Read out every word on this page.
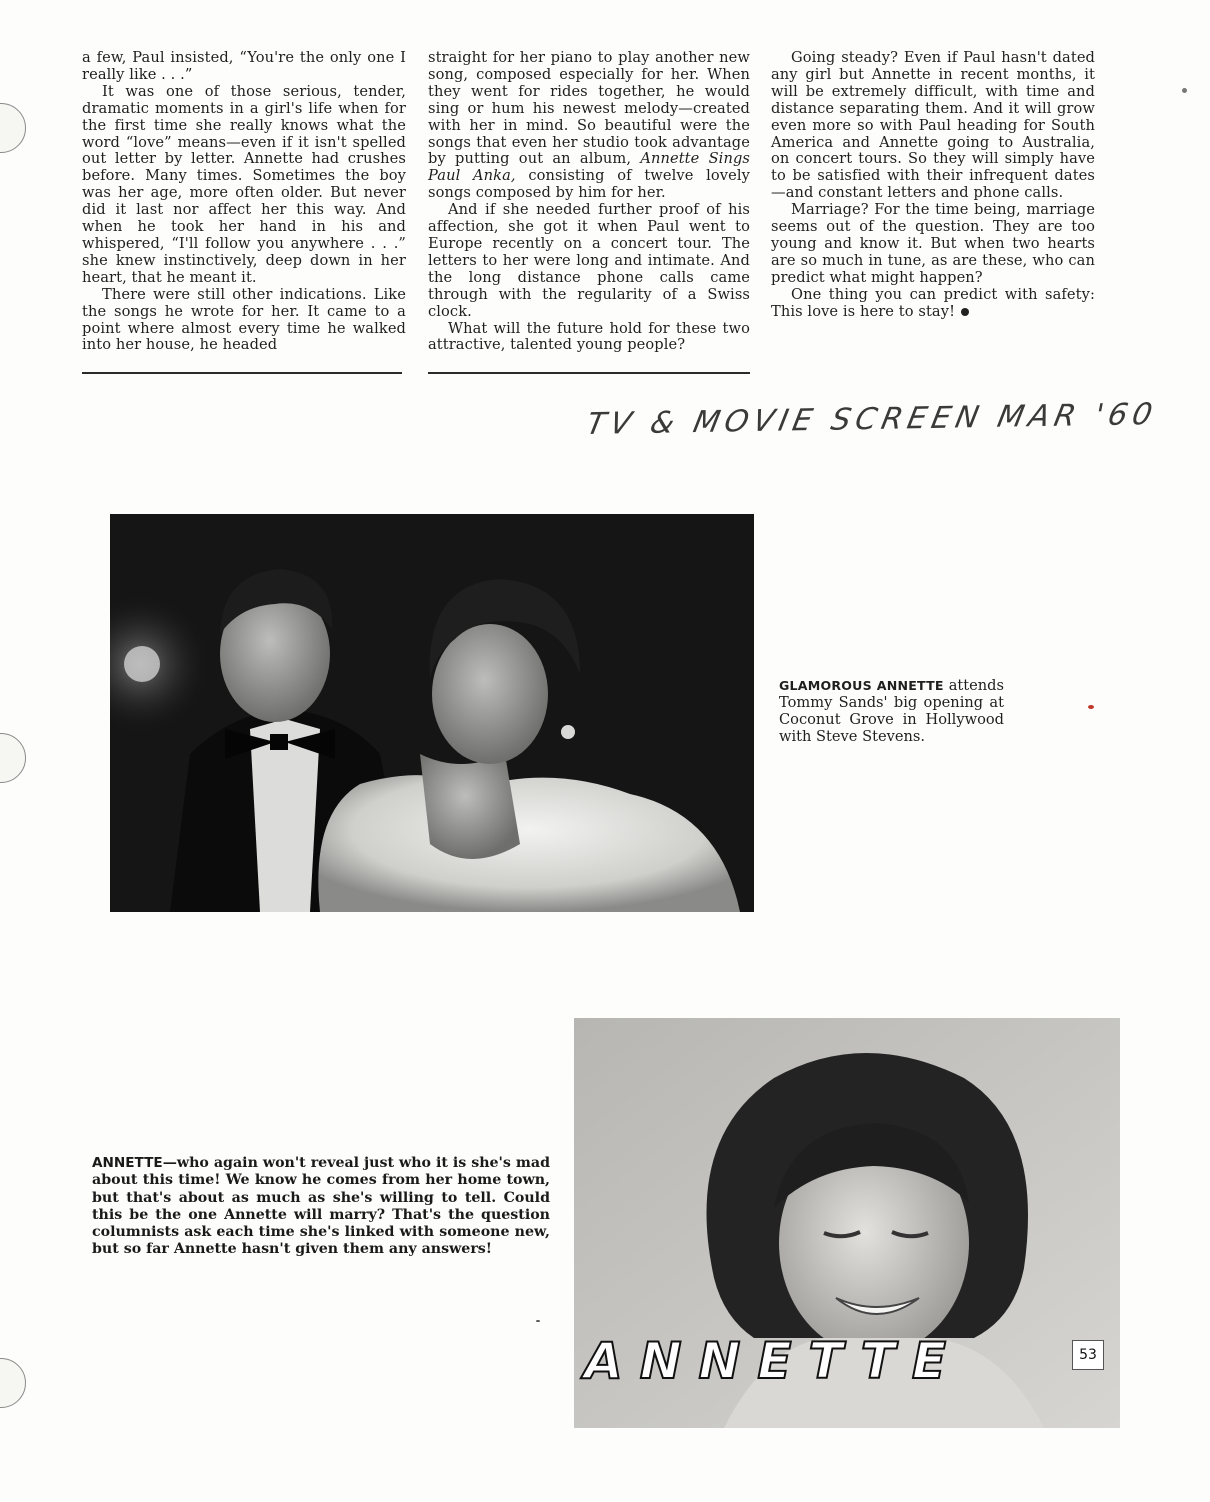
a few, Paul insisted, “You're the only one I really like . . .”

It was one of those serious, tender, dramatic moments in a girl's life when for the first time she really knows what the word “love” means—even if it isn't spelled out letter by letter. Annette had crushes before. Many times. Sometimes the boy was her age, more often older. But never did it last nor affect her this way. And when he took her hand in his and whispered, “I'll follow you anywhere . . .” she knew instinctively, deep down in her heart, that he meant it.

There were still other indications. Like the songs he wrote for her. It came to a point where almost every time he walked into her house, he headed

straight for her piano to play another new song, composed especially for her. When they went for rides together, he would sing or hum his newest melody—created with her in mind. So beautiful were the songs that even her studio took advantage by putting out an album, Annette Sings Paul Anka, consisting of twelve lovely songs composed by him for her.

And if she needed further proof of his affection, she got it when Paul went to Europe recently on a concert tour. The letters to her were long and intimate. And the long distance phone calls came through with the regularity of a Swiss clock.

What will the future hold for these two attractive, talented young people?

Going steady? Even if Paul hasn't dated any girl but Annette in recent months, it will be extremely difficult, with time and distance separating them. And it will grow even more so with Paul heading for South America and Annette going to Australia, on concert tours. So they will simply have to be satisfied with their infrequent dates—and constant letters and phone calls.

Marriage? For the time being, marriage seems out of the question. They are too young and know it. But when two hearts are so much in tune, as are these, who can predict what might happen?

One thing you can predict with safety: This love is here to stay!

TV & MOVIE SCREEN MAR '60
GLAMOROUS ANNETTE attends Tommy Sands' big opening at Coconut Grove in Hollywood with Steve Stevens.
ANNETTE	53
ANNETTE—who again won't reveal just who it is she's mad about this time! We know he comes from her home town, but that's about as much as she's willing to tell. Could this be the one Annette will marry? That's the question columnists ask each time she's linked with someone new, but so far Annette hasn't given them any answers!
